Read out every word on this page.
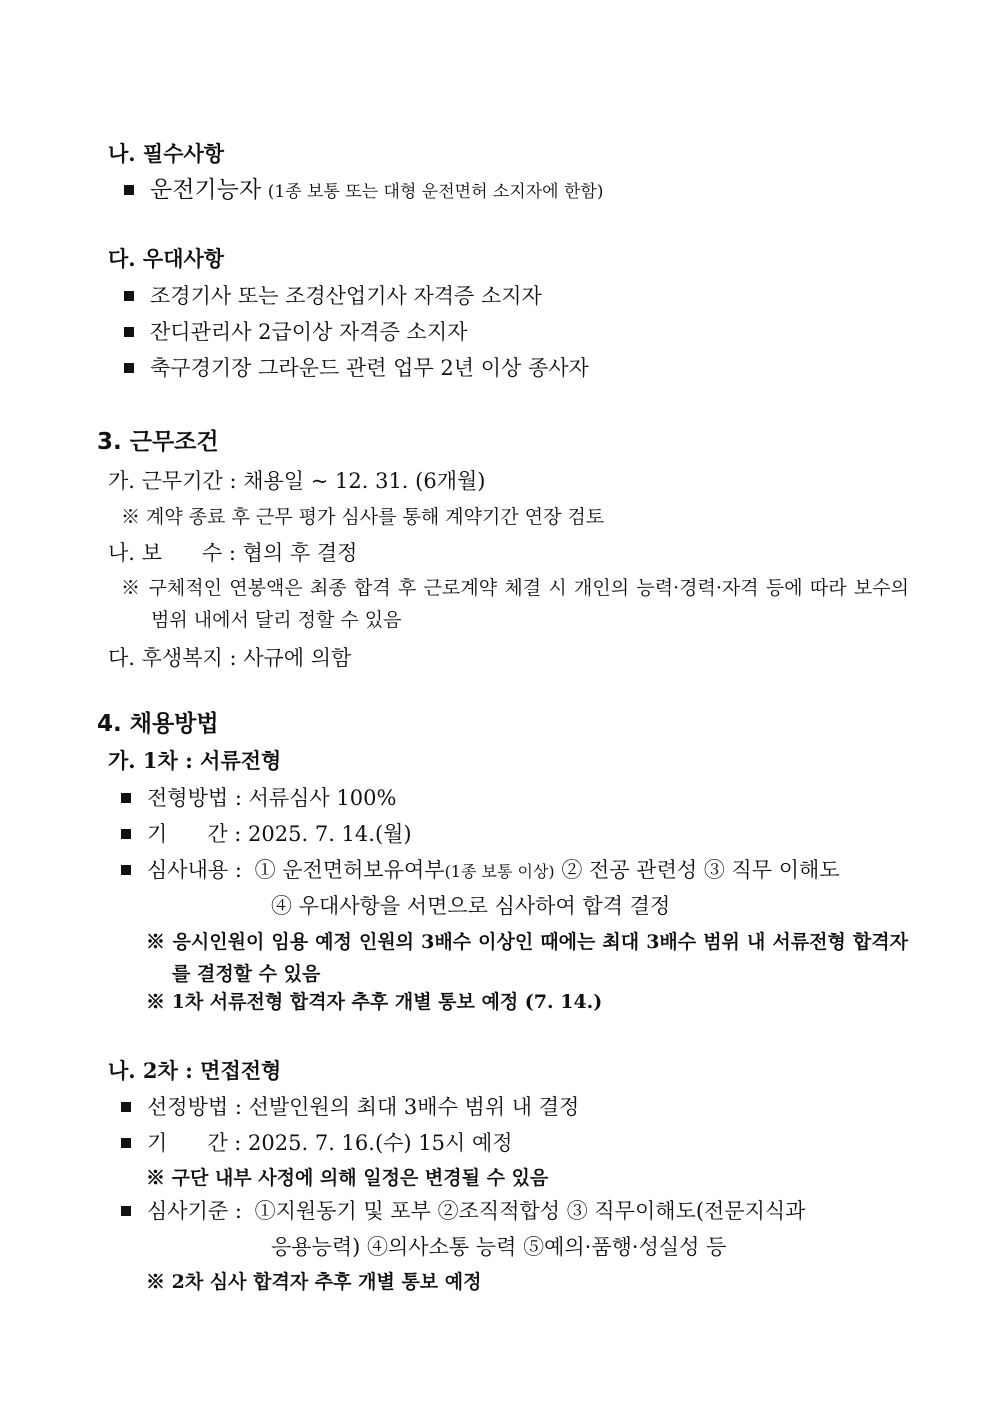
나. 필수사항
운전기능자 (1종 보통 또는 대형 운전면허 소지자에 한함)
다. 우대사항
조경기사 또는 조경산업기사 자격증 소지자
잔디관리사 2급이상 자격증 소지자
축구경기장 그라운드 관련 업무 2년 이상 종사자
3. 근무조건
가. 근무기간 : 채용일 ~ 12. 31. (6개월)
※ 계약 종료 후 근무 평가 심사를 통해 계약기간 연장 검토
나. 보      수 : 협의 후 결정
※ 구체적인 연봉액은 최종 합격 후 근로계약 체결 시 개인의 능력·경력·자격 등에 따라 보수의 범위 내에서 달리 정할 수 있음
다. 후생복지 : 사규에 의함
4. 채용방법
가. 1차 : 서류전형
전형방법 : 서류심사 100%
기      간 : 2025. 7. 14.(월)
심사내용 : ① 운전면허보유여부(1종 보통 이상) ② 전공 관련성 ③ 직무 이해도
④ 우대사항을 서면으로 심사하여 합격 결정
※ 응시인원이 임용 예정 인원의 3배수 이상인 때에는 최대 3배수 범위 내 서류전형 합격자를 결정할 수 있음
※ 1차 서류전형 합격자 추후 개별 통보 예정 (7. 14.)
나. 2차 : 면접전형
선정방법 : 선발인원의 최대 3배수 범위 내 결정
기      간 : 2025. 7. 16.(수) 15시 예정
※ 구단 내부 사정에 의해 일정은 변경될 수 있음
심사기준 : ①지원동기 및 포부 ②조직적합성 ③ 직무이해도(전문지식과
응용능력) ④의사소통 능력 ⑤예의·품행·성실성 등
※ 2차 심사 합격자 추후 개별 통보 예정
